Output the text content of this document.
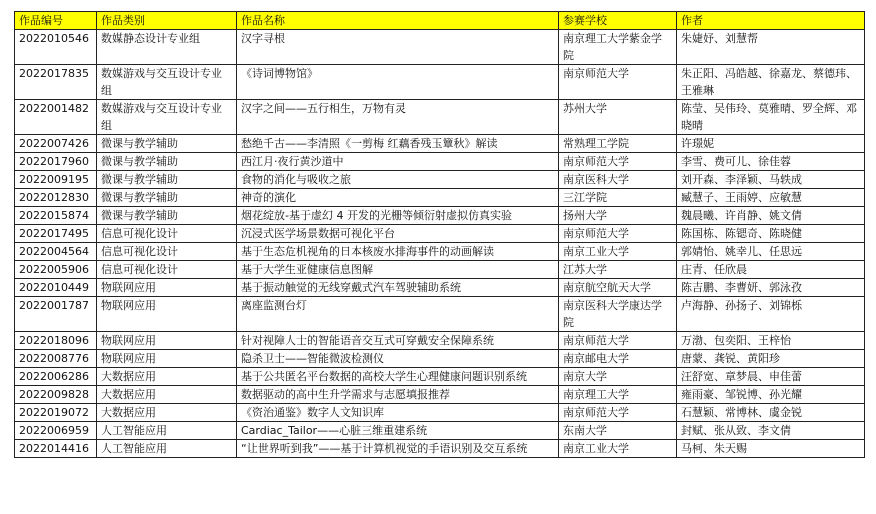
作品编号	作品类别	作品名称	参赛学校	作者
2022010546	数媒静态设计专业组	汉字寻根	南京理工大学紫金学院	朱婕妤、刘慧帮
2022017835	数媒游戏与交互设计专业组	《诗词博物馆》	南京师范大学	朱正阳、冯皓越、徐嘉龙、蔡德玮、王雅琳
2022001482	数媒游戏与交互设计专业组	汉字之间——五行相生，万物有灵	苏州大学	陈莹、吴伟玲、莫雅晴、罗全辉、邓晓晴
2022007426	微课与教学辅助	愁绝千古——李清照《一剪梅 红藕香残玉簟秋》解读	常熟理工学院	许璟妮
2022017960	微课与教学辅助	西江月·夜行黄沙道中	南京师范大学	李雪、费可儿、徐佳蓉
2022009195	微课与教学辅助	食物的消化与吸收之旅	南京医科大学	刘开森、李泽颖、马轶成
2022012830	微课与教学辅助	神奇的演化	三江学院	臧慧子、王雨婷、应敏慧
2022015874	微课与教学辅助	烟花绽放-基于虚幻 4 开发的光栅等倾衍射虚拟仿真实验	扬州大学	魏晨曦、许肖静、姚文倩
2022017495	信息可视化设计	沉浸式医学场景数据可视化平台	南京师范大学	陈国栋、陈锶奇、陈晓健
2022004564	信息可视化设计	基于生态危机视角的日本核废水排海事件的动画解读	南京工业大学	郭婧怡、姚幸儿、任思远
2022005906	信息可视化设计	基于大学生亚健康信息图解	江苏大学	庄青、任欣晨
2022010449	物联网应用	基于振动触觉的无线穿戴式汽车驾驶辅助系统	南京航空航天大学	陈吉鹏、李曹妍、郭泳孜
2022001787	物联网应用	离座监测台灯	南京医科大学康达学院	卢海静、孙扬子、刘锦栎
2022018096	物联网应用	针对视障人士的智能语音交互式可穿戴安全保障系统	南京师范大学	万渤、包奕阳、王梓怡
2022008776	物联网应用	隐杀卫士——智能微波检测仪	南京邮电大学	唐蒙、龚锐、黄阳珍
2022006286	大数据应用	基于公共匿名平台数据的高校大学生心理健康问题识别系统	南京大学	汪舒宽、章梦晨、申佳蕾
2022009828	大数据应用	数据驱动的高中生升学需求与志愿填报推荐	南京理工大学	雍雨豪、邹锐博、孙光耀
2022019072	大数据应用	《资治通鉴》数字人文知识库	南京师范大学	石慧颖、常博林、虞金锐
2022006959	人工智能应用	Cardiac_Tailor——心脏三维重建系统	东南大学	封赋、张从致、李文倩
2022014416	人工智能应用	“让世界听到我”——基于计算机视觉的手语识别及交互系统	南京工业大学	马柯、朱天赐
